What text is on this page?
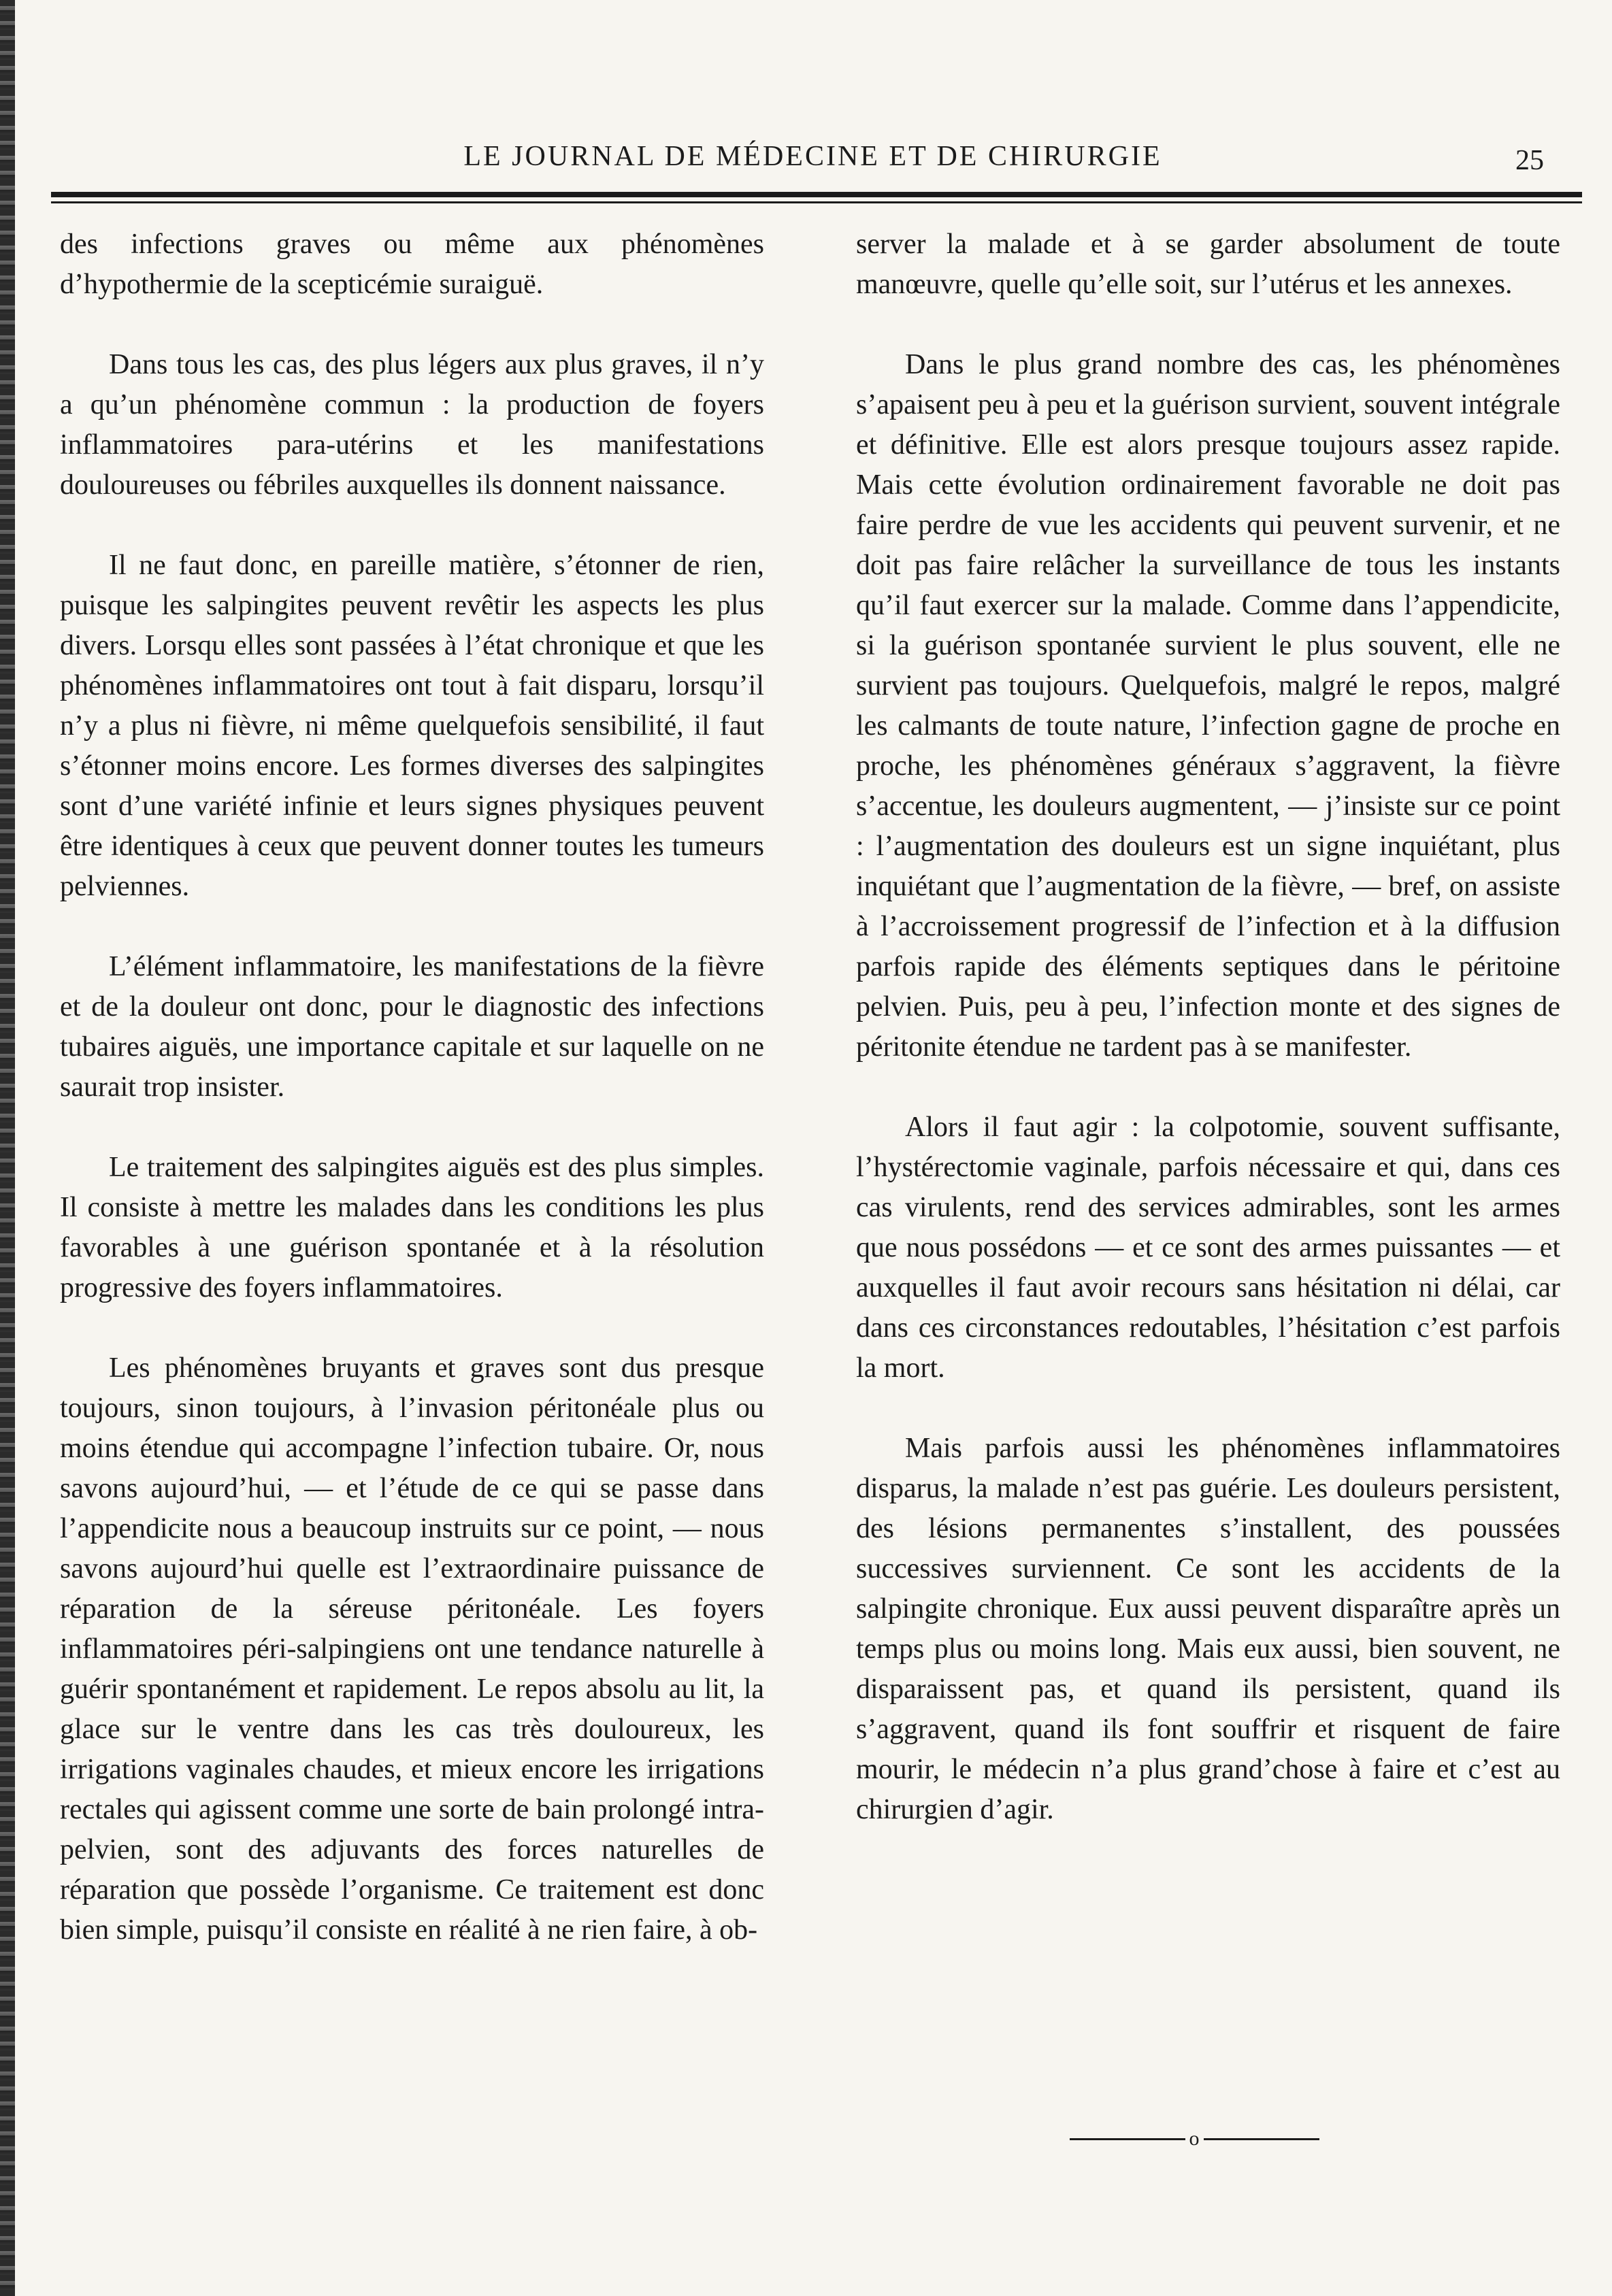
LE JOURNAL DE MÉDECINE ET DE CHIRURGIE	25

des infections graves ou même aux phénomènes d’hypothermie de la scepticémie suraiguë.

Dans tous les cas, des plus légers aux plus graves, il n’y a qu’un phénomène commun : la production de foyers inflammatoires para-utérins et les manifestations douloureuses ou fébriles auxquelles ils donnent naissance.

Il ne faut donc, en pareille matière, s’étonner de rien, puisque les salpingites peuvent revêtir les aspects les plus divers. Lorsqu elles sont passées à l’état chronique et que les phénomènes inflammatoires ont tout à fait disparu, lorsqu’il n’y a plus ni fièvre, ni même quelquefois sensibilité, il faut s’étonner moins encore. Les formes diverses des salpingites sont d’une variété infinie et leurs signes physiques peuvent être identiques à ceux que peuvent donner toutes les tumeurs pelviennes.

L’élément inflammatoire, les manifestations de la fièvre et de la douleur ont donc, pour le diagnostic des infections tubaires aiguës, une importance capitale et sur laquelle on ne saurait trop insister.

Le traitement des salpingites aiguës est des plus simples. Il consiste à mettre les malades dans les conditions les plus favorables à une guérison spontanée et à la résolution progressive des foyers inflammatoires.

Les phénomènes bruyants et graves sont dus presque toujours, sinon toujours, à l’invasion péritonéale plus ou moins étendue qui accompagne l’infection tubaire. Or, nous savons aujourd’hui, — et l’étude de ce qui se passe dans l’appendicite nous a beaucoup instruits sur ce point, — nous savons aujourd’hui quelle est l’extraordinaire puissance de réparation de la séreuse péritonéale. Les foyers inflammatoires péri-salpingiens ont une tendance naturelle à guérir spontanément et rapidement. Le repos absolu au lit, la glace sur le ventre dans les cas très douloureux, les irrigations vaginales chaudes, et mieux encore les irrigations rectales qui agissent comme une sorte de bain prolongé intra-pelvien, sont des adjuvants des forces naturelles de réparation que possède l’organisme. Ce traitement est donc bien simple, puisqu’il consiste en réalité à ne rien faire, à ob-

server la malade et à se garder absolument de toute manœuvre, quelle qu’elle soit, sur l’utérus et les annexes.

Dans le plus grand nombre des cas, les phénomènes s’apaisent peu à peu et la guérison survient, souvent intégrale et définitive. Elle est alors presque toujours assez rapide. Mais cette évolution ordinairement favorable ne doit pas faire perdre de vue les accidents qui peuvent survenir, et ne doit pas faire relâcher la surveillance de tous les instants qu’il faut exercer sur la malade. Comme dans l’appendicite, si la guérison spontanée survient le plus souvent, elle ne survient pas toujours. Quelquefois, malgré le repos, malgré les calmants de toute nature, l’infection gagne de proche en proche, les phénomènes généraux s’aggravent, la fièvre s’accentue, les douleurs augmentent, — j’insiste sur ce point : l’augmentation des douleurs est un signe inquiétant, plus inquiétant que l’augmentation de la fièvre, — bref, on assiste à l’accroissement progressif de l’infection et à la diffusion parfois rapide des éléments septiques dans le péritoine pelvien. Puis, peu à peu, l’infection monte et des signes de péritonite étendue ne tardent pas à se manifester.

Alors il faut agir : la colpotomie, souvent suffisante, l’hystérectomie vaginale, parfois nécessaire et qui, dans ces cas virulents, rend des services admirables, sont les armes que nous possédons — et ce sont des armes puissantes — et auxquelles il faut avoir recours sans hésitation ni délai, car dans ces circonstances redoutables, l’hésitation c’est parfois la mort.

Mais parfois aussi les phénomènes inflammatoires disparus, la malade n’est pas guérie. Les douleurs persistent, des lésions permanentes s’installent, des poussées successives surviennent. Ce sont les accidents de la salpingite chronique. Eux aussi peuvent disparaître après un temps plus ou moins long. Mais eux aussi, bien souvent, ne disparaissent pas, et quand ils persistent, quand ils s’aggravent, quand ils font souffrir et risquent de faire mourir, le médecin n’a plus grand’chose à faire et c’est au chirurgien d’agir.

o
